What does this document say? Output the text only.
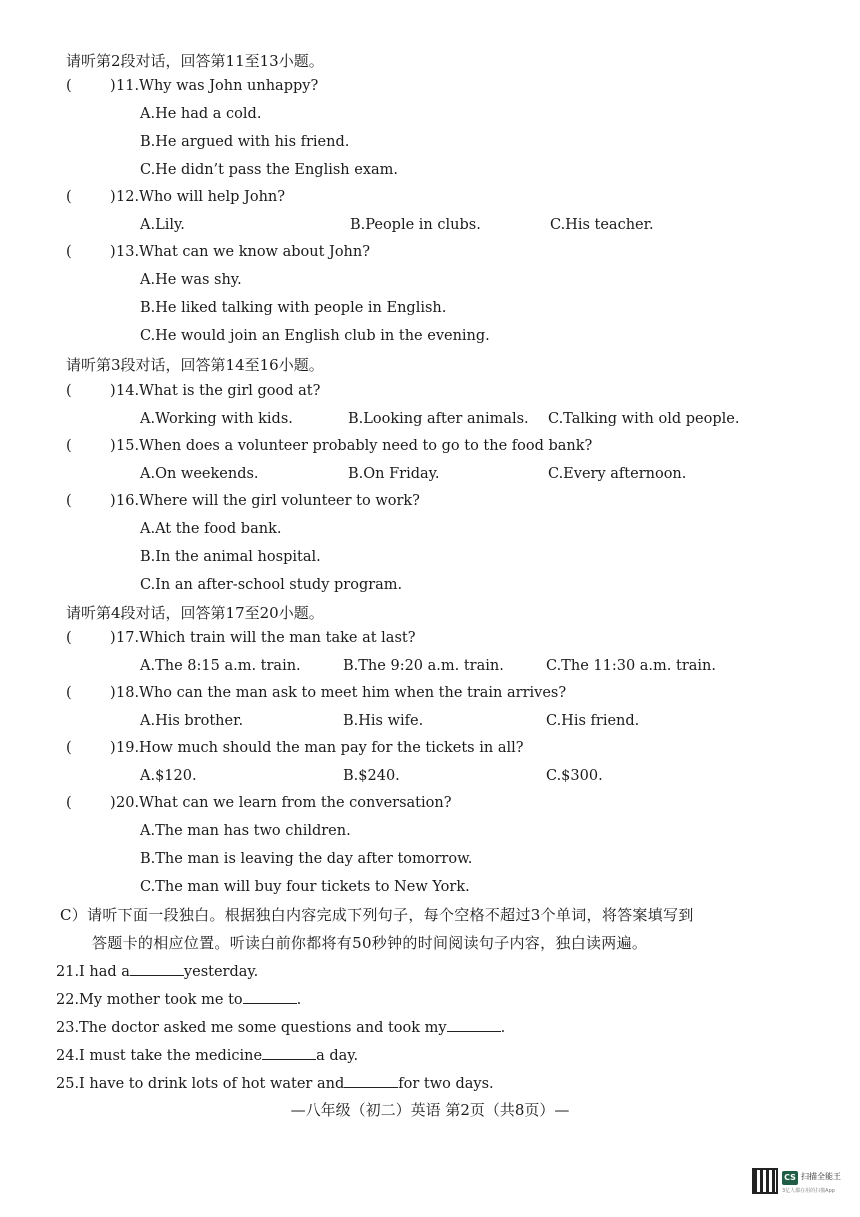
请听第2段对话，回答第11至13小题。
(	) 11.Why was John unhappy?
A.He had a cold.
B.He argued with his friend.
C.He didn’t pass the English exam.
(	) 12.Who will help John?
A.Lily.	B.People in clubs.	C.His teacher.
(	) 13.What can we know about John?
A.He was shy.
B.He liked talking with people in English.
C.He would join an English club in the evening.
请听第3段对话，回答第14至16小题。
(	) 14.What is the girl good at?
A.Working with kids.	B.Looking after animals. C.Talking with old people.
(	) 15.When does a volunteer probably need to go to the food bank?
A.On weekends.	B.On Friday.	C.Every afternoon.
(	) 16.Where will the girl volunteer to work?
A.At the food bank.
B.In the animal hospital.
C.In an after-school study program.
请听第4段对话，回答第17至20小题。
(	) 17.Which train will the man take at last?
A.The 8:15 a.m. train.	B.The 9:20 a.m. train.	C.The 11:30 a.m. train.
(	) 18.Who can the man ask to meet him when the train arrives?
A.His brother.	B.His wife.	C.His friend.
(	) 19.How much should the man pay for the tickets in all?
A.$120.	B.$240.	C.$300.
(	) 20.What can we learn from the conversation?
A.The man has two children.
B.The man is leaving the day after tomorrow.
C.The man will buy four tickets to New York.
C）请听下面一段独白。根据独白内容完成下列句子，每个空格不超过3个单词，将答案填写到
答题卡的相应位置。听读白前你都将有50秒钟的时间阅读句子内容，独白读两遍。
21.I had a	yesterday.
22.My mother took me to	.
23.The doctor asked me some questions and took my	.
24.I must take the medicine	a day.
25.I have to drink lots of hot water and	for two days.
—八年级（初二）英语 第2页（共8页）—
CS 扫描全能王
3亿人都在用的扫描App
